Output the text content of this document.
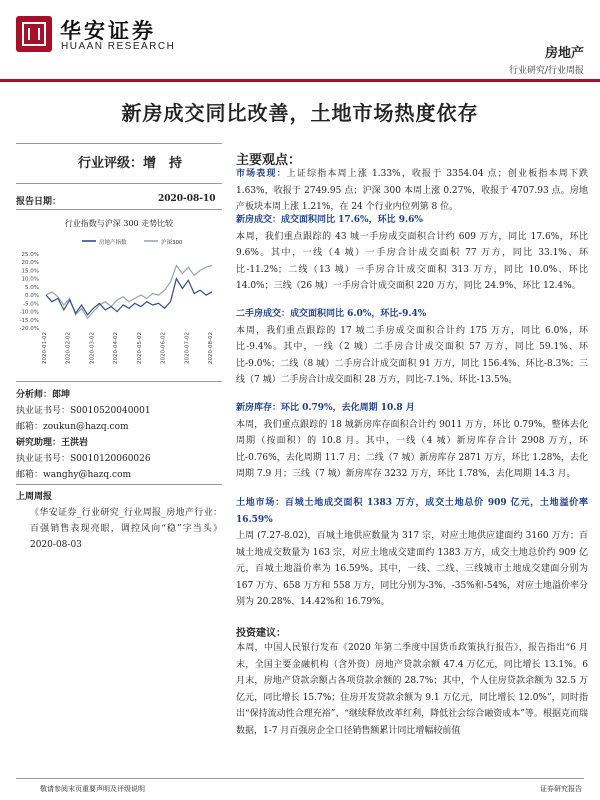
华安证券
HUAAN RESEARCH	房地产
行业研究/行业周报
新房成交同比改善，土地市场热度依存
行业评级：增　持
报告日期：	2020-08-10
行业指数与沪深 300 走势比较
房地产指数	沪深300
25.0%
20.0%
15.0%
10.0%
5.0%
0.0%
-5.0%
-10.0%
-15.0%
-20.0%
2020-01-02	2020-02-02	2020-03-02	2020-04-02	2020-05-02	2020-06-02	2020-07-02	2020-08-02
分析师：郎坤
执业证书号：S0010520040001
邮箱：zoukun@hazq.com
研究助理：王洪岩
执业证书号：S0010120060026
邮箱：wanghy@hazq.com
上周周报
《华安证券_行业研究_行业周报_房地产行业：百强销售表现亮眼，调控风向“稳”字当头》2020-08-03
主要观点：

市场表现：上证综指本周上涨 1.33%，收报于 3354.04 点；创业板指本周下跌 1.63%，收报于 2749.95 点；沪深 300 本周上涨 0.27%，收报于 4707.93 点。房地产板块本周上涨 1.21%，在 24 个行业内位列第 8 位。

新房成交：成交面积同比 17.6%，环比 9.6%

本周，我们重点跟踪的 43 城一手房成交面积合计约 609 万方，同比 17.6%，环比 9.6%。其中，一线（4 城）一手房合计成交面积 77 万方，同比 33.1%、环比-11.2%；二线（13 城）一手房合计成交面积 313 万方，同比 10.0%、环比 14.0%；三线（26 城）一手房合计成交面积 220 万方，同比 24.9%、环比 12.4%。

二手房成交：成交面积同比 6.0%，环比-9.4%

本周，我们重点跟踪的 17 城二手房成交面积合计约 175 万方，同比 6.0%，环比-9.4%。其中，一线（2 城）二手房合计成交面积 57 万方，同比 59.1%、环比-9.0%；二线（8 城）二手房合计成交面积 91 万方，同比 156.4%、环比-8.3%；三线（7 城）二手房合计成交面积 28 万方，同比-7.1%、环比-13.5%。

新房库存：环比 0.79%，去化周期 10.8 月

本周，我们重点跟踪的 18 城新房库存面积合计约 9011 万方，环比 0.79%，整体去化周期（按面积）的 10.8 月。其中，一线（4 城）新房库存合计 2908 万方，环比-0.76%，去化周期 11.7 月；二线（7 城）新房库存 2871 万方，环比 1.28%，去化周期 7.9 月；三线（7 城）新房库存 3232 万方，环比 1.78%，去化周期 14.3 月。

土地市场：百城土地成交面积 1383 万方，成交土地总价 909 亿元，土地溢价率 16.59%

上周 (7.27-8.02)，百城土地供应数量为 317 宗，对应土地供应建面约 3160 万方；百城土地成交数量为 163 宗，对应土地成交建面约 1383 万方，成交土地总价约 909 亿元，百城土地溢价率为 16.59%。其中，一线、二线、三线城市土地成交建面分别为 167 万方、658 万方和 558 万方，同比分别为-3%、-35%和-54%，对应土地溢价率分别为 20.28%、14.42%和 16.79%。

投资建议：

本周，中国人民银行发布《2020 年第二季度中国货币政策执行报告》，报告指出“6 月末，全国主要金融机构（含外资）房地产贷款余额 47.4 万亿元，同比增长 13.1%。6 月末，房地产贷款余额占各项贷款余额的 28.7%；其中，个人住房贷款余额为 32.5 万亿元，同比增长 15.7%；住房开发贷款余额为 9.1 万亿元，同比增长 12.0%”，同时指出“保持流动性合理充裕”、“继续释放改革红利，降低社会综合融资成本”等。根据克而瑞数据，1-7 月百强房企全口径销售额累计同比增幅较前值

敬请参阅末页重要声明及评级说明	证券研究报告
